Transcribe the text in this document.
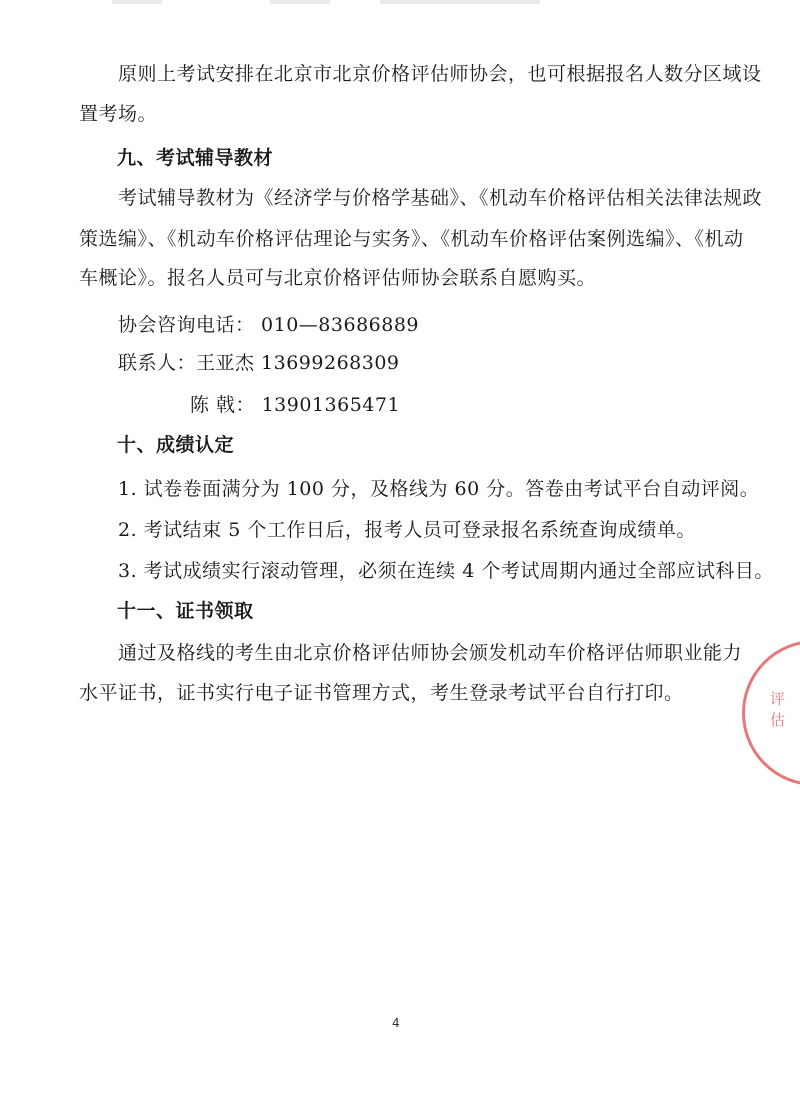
原则上考试安排在北京市北京价格评估师协会，也可根据报名人数分区域设
置考场。
九、考试辅导教材
考试辅导教材为《经济学与价格学基础》、《机动车价格评估相关法律法规政
策选编》、《机动车价格评估理论与实务》、《机动车价格评估案例选编》、《机动
车概论》。报名人员可与北京价格评估师协会联系自愿购买。
协会咨询电话： 010—83686889
联系人：王亚杰 13699268309
陈 戟： 13901365471
十、成绩认定
1. 试卷卷面满分为 100 分，及格线为 60 分。答卷由考试平台自动评阅。
2. 考试结束 5 个工作日后，报考人员可登录报名系统查询成绩单。
3. 考试成绩实行滚动管理，必须在连续 4 个考试周期内通过全部应试科目。
十一、证书领取
通过及格线的考生由北京价格评估师协会颁发机动车价格评估师职业能力
水平证书，证书实行电子证书管理方式，考生登录考试平台自行打印。	评 估
4
